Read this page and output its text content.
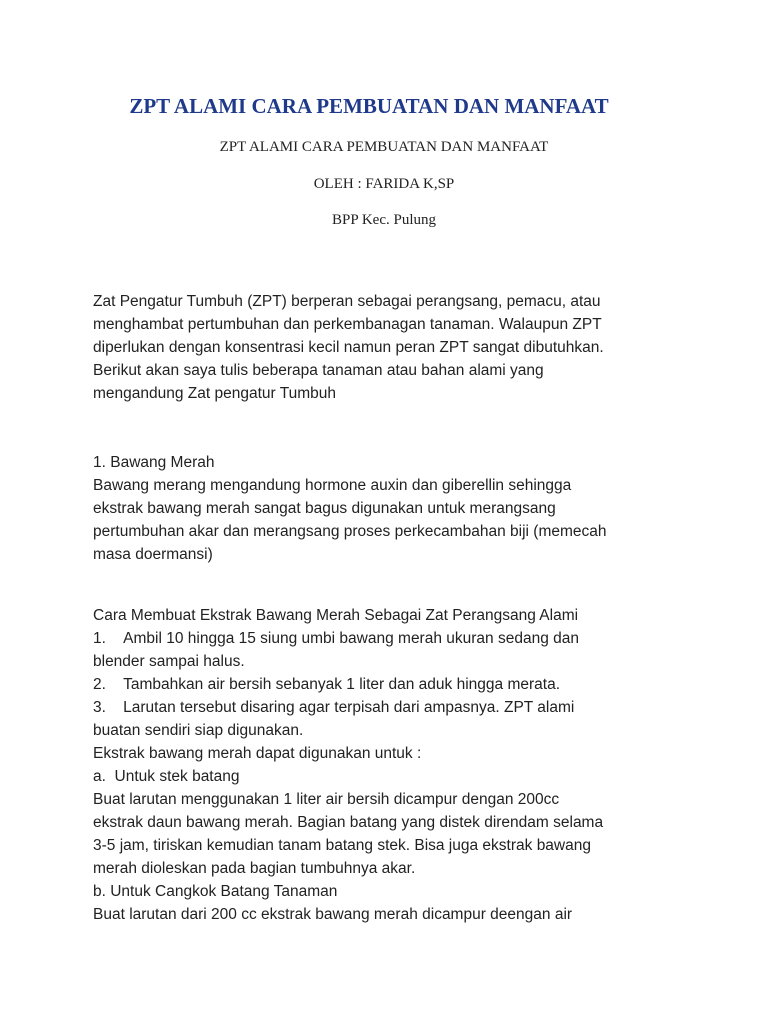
ZPT ALAMI CARA PEMBUATAN DAN MANFAAT

ZPT ALAMI CARA PEMBUATAN DAN MANFAAT

OLEH : FARIDA K,SP

BPP Kec. Pulung

Zat Pengatur Tumbuh (ZPT) berperan sebagai perangsang, pemacu, atau
menghambat pertumbuhan dan perkembanagan tanaman. Walaupun ZPT
diperlukan dengan konsentrasi kecil namun peran ZPT sangat dibutuhkan.
Berikut akan saya tulis beberapa tanaman atau bahan alami yang
mengandung Zat pengatur Tumbuh
1. Bawang Merah
Bawang merang mengandung hormone auxin dan giberellin sehingga
ekstrak bawang merah sangat bagus digunakan untuk merangsang
pertumbuhan akar dan merangsang proses perkecambahan biji (memecah
masa doermansi)
Cara Membuat Ekstrak Bawang Merah Sebagai Zat Perangsang Alami
1.    Ambil 10 hingga 15 siung umbi bawang merah ukuran sedang dan
blender sampai halus.
2.    Tambahkan air bersih sebanyak 1 liter dan aduk hingga merata.
3.    Larutan tersebut disaring agar terpisah dari ampasnya. ZPT alami
buatan sendiri siap digunakan.
Ekstrak bawang merah dapat digunakan untuk :
a.  Untuk stek batang
Buat larutan menggunakan 1 liter air bersih dicampur dengan 200cc
ekstrak daun bawang merah. Bagian batang yang distek direndam selama
3-5 jam, tiriskan kemudian tanam batang stek. Bisa juga ekstrak bawang
merah dioleskan pada bagian tumbuhnya akar.
b. Untuk Cangkok Batang Tanaman
Buat larutan dari 200 cc ekstrak bawang merah dicampur deengan air
